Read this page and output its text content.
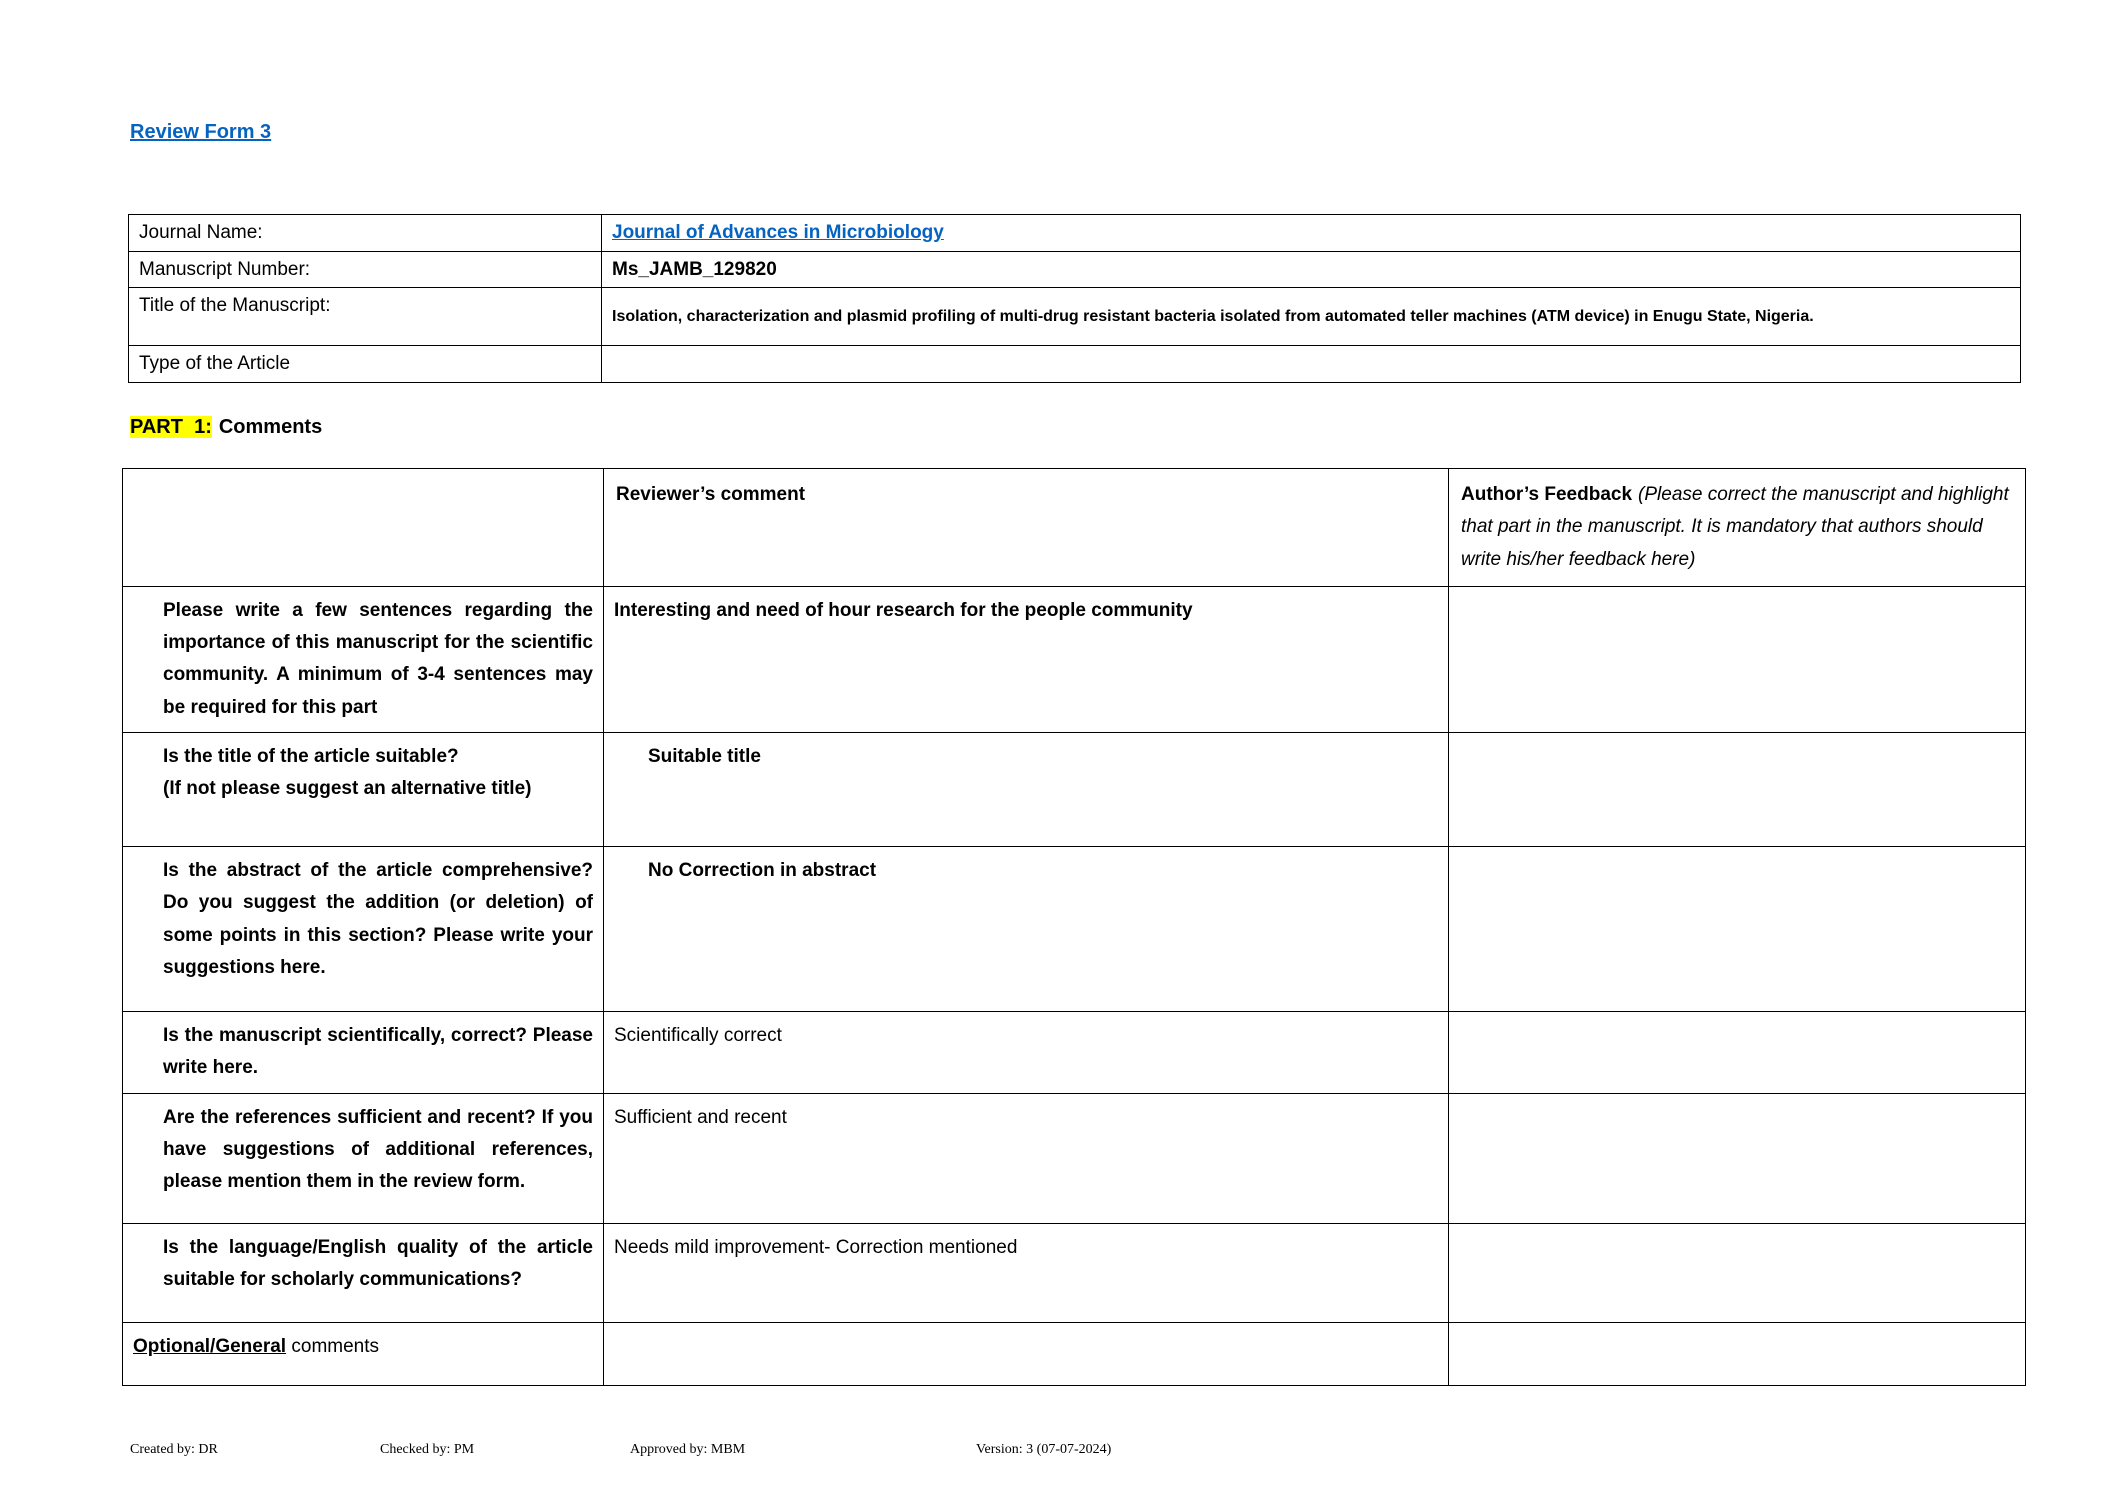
Review Form 3
Journal Name:	Journal of Advances in Microbiology
Manuscript Number:	Ms_JAMB_129820
Title of the Manuscript:	Isolation, characterization and plasmid profiling of multi-drug resistant bacteria isolated from automated teller machines (ATM device) in Enugu State, Nigeria.
Type of the Article	

PART  1: Comments

	Reviewer’s comment	Author’s Feedback (Please correct the manuscript and highlight that part in the manuscript. It is mandatory that authors should write his/her feedback here)
Please write a few sentences regarding the importance of this manuscript for the scientific community. A minimum of 3-4 sentences may be required for this part	Interesting and need of hour research for the people community	
Is the title of the article suitable?
(If not please suggest an alternative title)	Suitable title	
Is the abstract of the article comprehensive? Do you suggest the addition (or deletion) of some points in this section? Please write your suggestions here.	No Correction in abstract	
Is the manuscript scientifically, correct? Please write here.	Scientifically correct	
Are the references sufficient and recent? If you have suggestions of additional references, please mention them in the review form.	Sufficient and recent	
Is the language/English quality of the article suitable for scholarly communications?	Needs mild improvement- Correction mentioned	
Optional/General comments		
Created by: DR	Checked by: PM	Approved by: MBM	Version: 3 (07-07-2024)
